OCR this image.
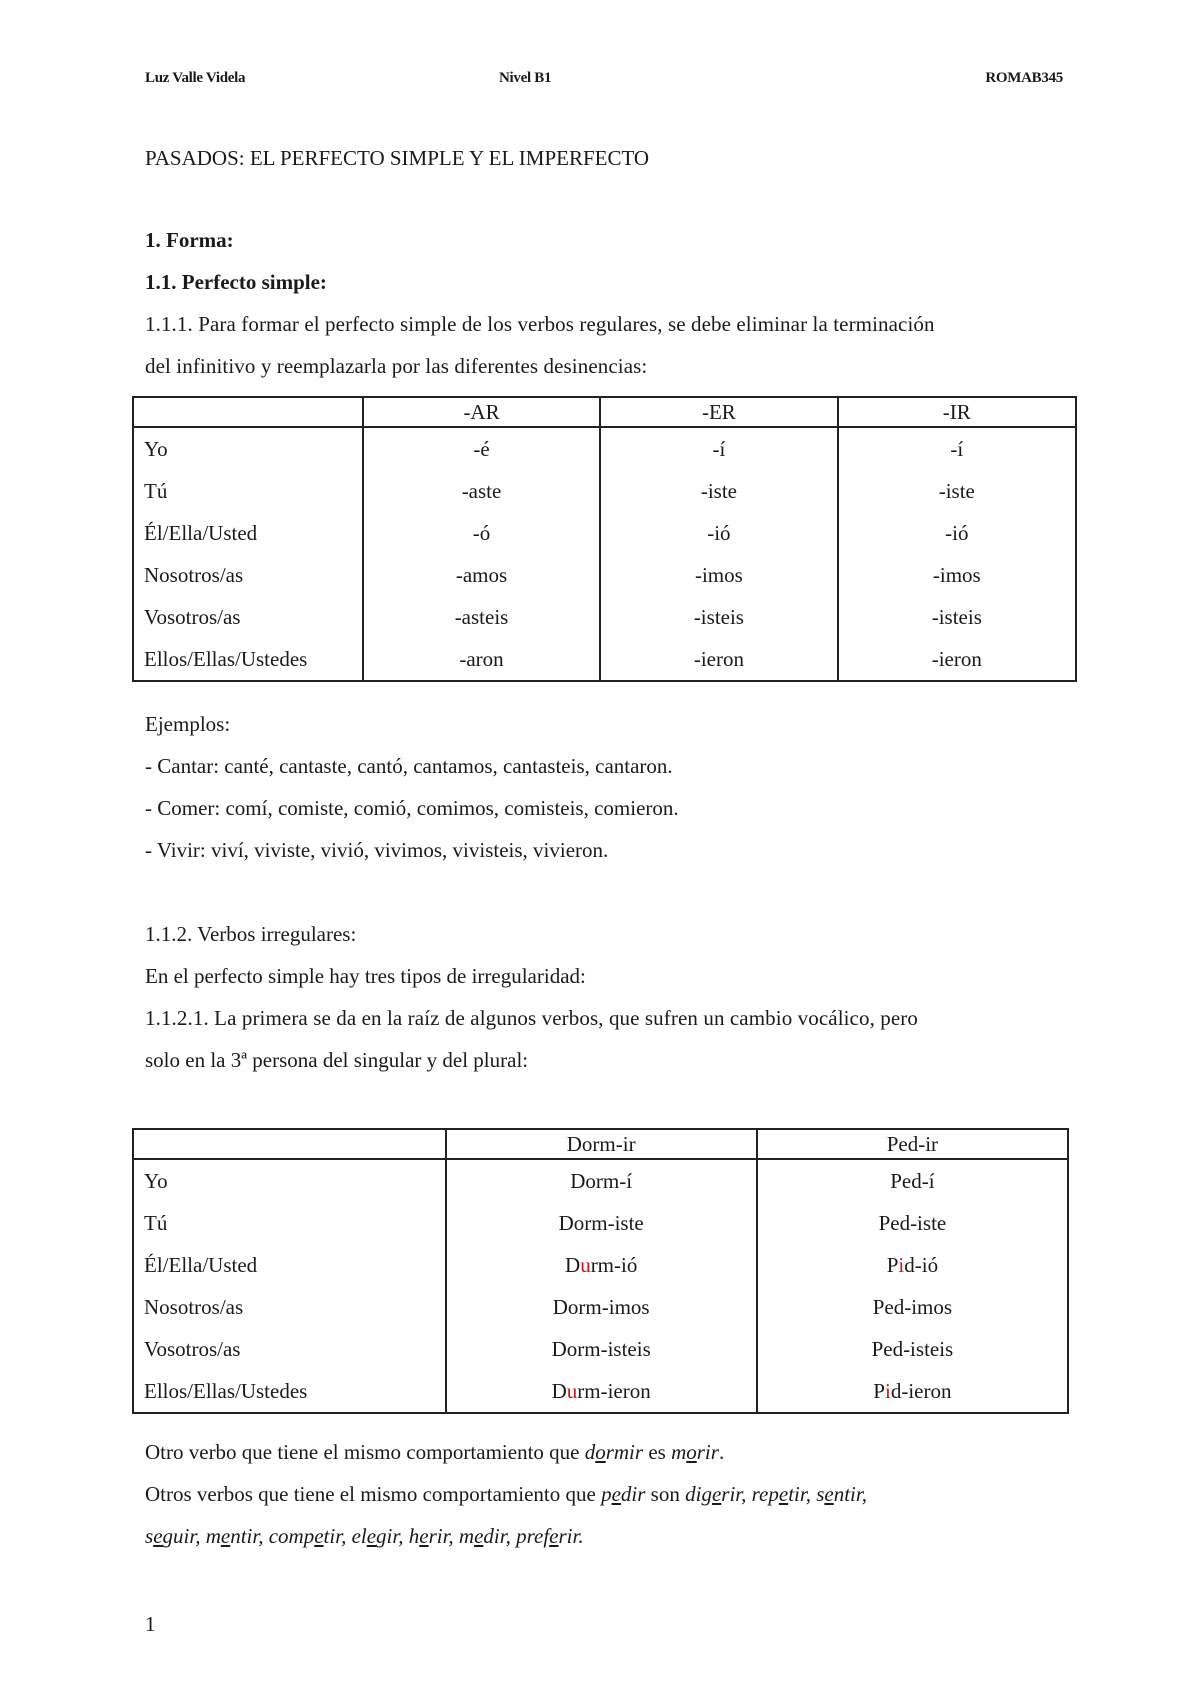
Luz Valle Videla	Nivel B1	ROMAB345
PASADOS: EL PERFECTO SIMPLE Y EL IMPERFECTO
1. Forma:
1.1. Perfecto simple:
1.1.1. Para formar el perfecto simple de los verbos regulares, se debe eliminar la terminación
del infinitivo y reemplazarla por las diferentes desinencias:
	-AR	-ER	-IR
Yo	-é	-í	-í
Tú	-aste	-iste	-iste
Él/Ella/Usted	-ó	-ió	-ió
Nosotros/as	-amos	-imos	-imos
Vosotros/as	-asteis	-isteis	-isteis
Ellos/Ellas/Ustedes	-aron	-ieron	-ieron
Ejemplos:
- Cantar: canté, cantaste, cantó, cantamos, cantasteis, cantaron.
- Comer: comí, comiste, comió, comimos, comisteis, comieron.
- Vivir: viví, viviste, vivió, vivimos, vivisteis, vivieron.
1.1.2. Verbos irregulares:
En el perfecto simple hay tres tipos de irregularidad:
1.1.2.1. La primera se da en la raíz de algunos verbos, que sufren un cambio vocálico, pero
solo en la 3ª persona del singular y del plural:
	Dorm-ir	Ped-ir
Yo	Dorm-í	Ped-í
Tú	Dorm-iste	Ped-iste
Él/Ella/Usted	Durm-ió	Pid-ió
Nosotros/as	Dorm-imos	Ped-imos
Vosotros/as	Dorm-isteis	Ped-isteis
Ellos/Ellas/Ustedes	Durm-ieron	Pid-ieron
Otro verbo que tiene el mismo comportamiento que dormir es morir.
Otros verbos que tiene el mismo comportamiento que pedir son digerir, repetir, sentir,
seguir, mentir, competir, elegir, herir, medir, preferir.
1
